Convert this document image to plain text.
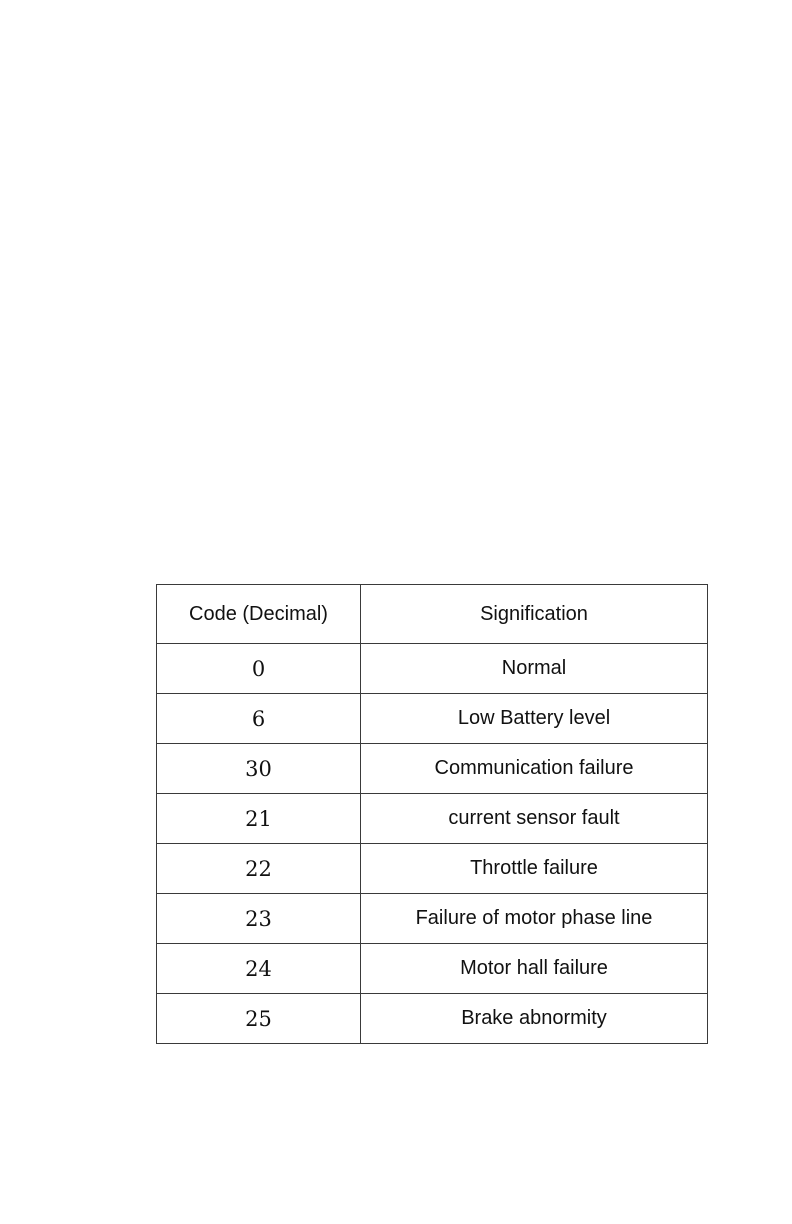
Code (Decimal)	Signification
0	Normal
6	Low Battery level
30	Communication failure
21	current sensor fault
22	Throttle failure
23	Failure of motor phase line
24	Motor hall failure
25	Brake abnormity
